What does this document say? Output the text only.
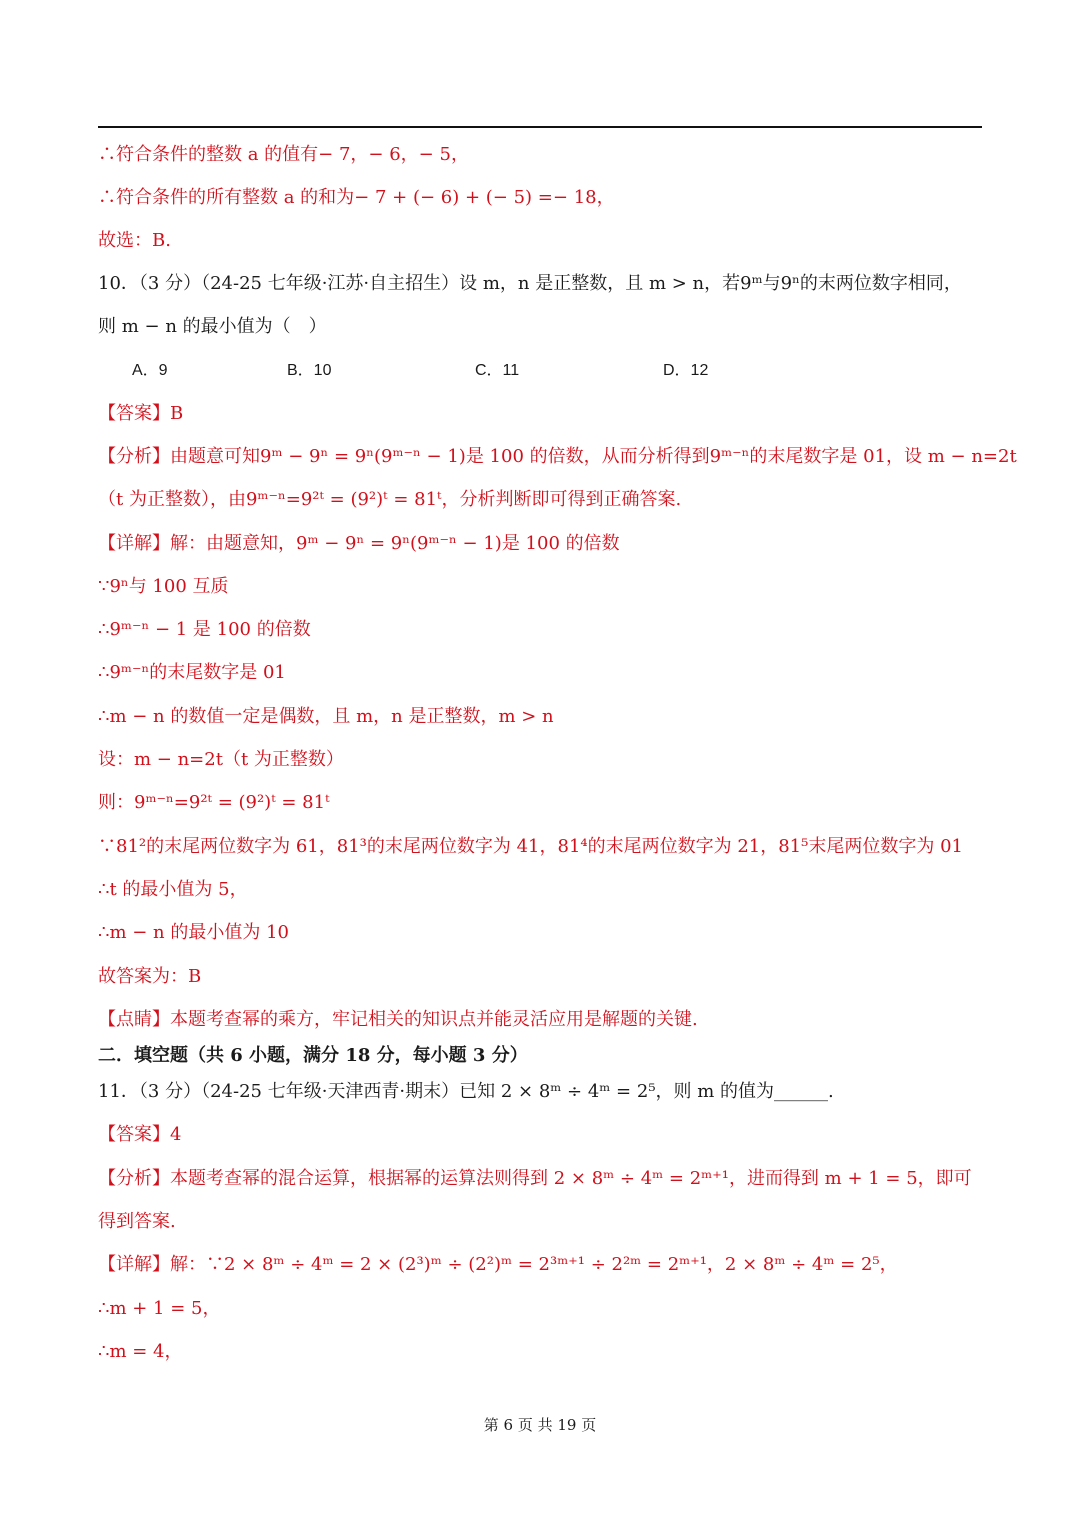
∴符合条件的整数 a 的值有− 7，− 6，− 5，
∴符合条件的所有整数 a 的和为− 7 + (− 6) + (− 5) =− 18，
故选：B.
10．（3 分）（24-25 七年级·江苏·自主招生）设 m，n 是正整数，且 m > n，若9ᵐ与9ⁿ的末两位数字相同，
则 m − n 的最小值为（　）
A．9	B．10	C．11	D．12
【答案】B
【分析】由题意可知9ᵐ − 9ⁿ = 9ⁿ(9ᵐ⁻ⁿ − 1)是 100 的倍数，从而分析得到9ᵐ⁻ⁿ的末尾数字是 01，设 m − n=2t
（t 为正整数），由9ᵐ⁻ⁿ=9²ᵗ = (9²)ᵗ = 81ᵗ，分析判断即可得到正确答案.
【详解】解：由题意知，9ᵐ − 9ⁿ = 9ⁿ(9ᵐ⁻ⁿ − 1)是 100 的倍数
∵9ⁿ与 100 互质
∴9ᵐ⁻ⁿ − 1 是 100 的倍数
∴9ᵐ⁻ⁿ的末尾数字是 01
∴m − n 的数值一定是偶数，且 m，n 是正整数，m > n
设：m − n=2t（t 为正整数）
则：9ᵐ⁻ⁿ=9²ᵗ = (9²)ᵗ = 81ᵗ
∵81²的末尾两位数字为 61，81³的末尾两位数字为 41，81⁴的末尾两位数字为 21，81⁵末尾两位数字为 01
∴t 的最小值为 5，
∴m − n 的最小值为 10
故答案为：B
【点睛】本题考查幂的乘方，牢记相关的知识点并能灵活应用是解题的关键.
二．填空题（共 6 小题，满分 18 分，每小题 3 分）
11．（3 分）（24-25 七年级·天津西青·期末）已知 2 × 8ᵐ ÷ 4ᵐ = 2⁵，则 m 的值为______.
【答案】4
【分析】本题考查幂的混合运算，根据幂的运算法则得到 2 × 8ᵐ ÷ 4ᵐ = 2ᵐ⁺¹，进而得到 m + 1 = 5，即可
得到答案.
【详解】解：∵2 × 8ᵐ ÷ 4ᵐ = 2 × (2³)ᵐ ÷ (2²)ᵐ = 2³ᵐ⁺¹ ÷ 2²ᵐ = 2ᵐ⁺¹，2 × 8ᵐ ÷ 4ᵐ = 2⁵，
∴m + 1 = 5，
∴m = 4，
第 6 页 共 19 页
